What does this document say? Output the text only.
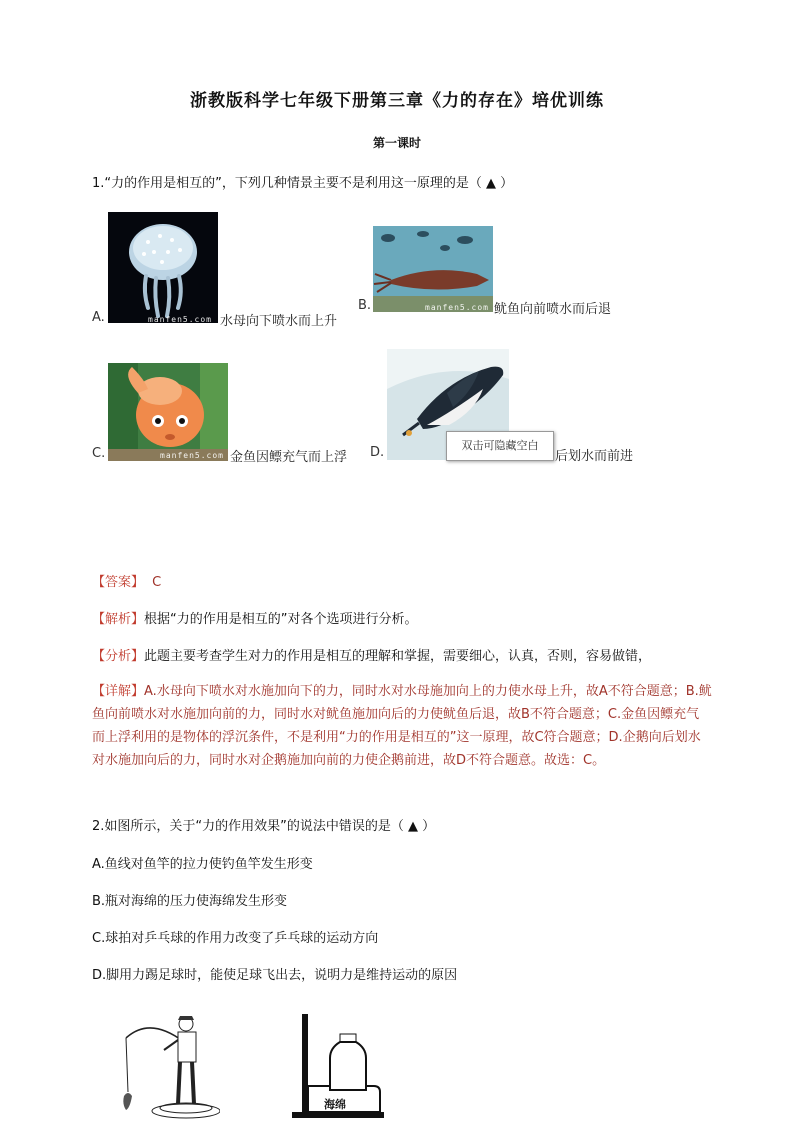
浙教版科学七年级下册第三章《力的存在》培优训练
第一课时
1.“力的作用是相互的”，下列几种情景主要不是利用这一原理的是（ ▲ ）
manfen5.com
A.	水母向下喷水而上升
B.	manfen5.com 鱿鱼向前喷水而后退
C.	manfen5.com 金鱼因鳔充气而上浮 D.	双击可隐藏空白
后划水而前进
【答案】 C
【解析】根据“力的作用是相互的”对各个选项进行分析。
【分析】此题主要考查学生对力的作用是相互的理解和掌握，需要细心，认真，否则，容易做错，
【详解】A.水母向下喷水对水施加向下的力，同时水对水母施加向上的力使水母上升，故A不符合题意；B.鱿鱼向前喷水对水施加向前的力，同时水对鱿鱼施加向后的力使鱿鱼后退，故B不符合题意；C.金鱼因鳔充气而上浮利用的是物体的浮沉条件，不是利用“力的作用是相互的”这一原理，故C符合题意；D.企鹅向后划水对水施加向后的力，同时水对企鹅施加向前的力使企鹅前进，故D不符合题意。故选：C。
2.如图所示，关于“力的作用效果”的说法中错误的是（ ▲ ）
A.鱼线对鱼竿的拉力使钓鱼竿发生形变
B.瓶对海绵的压力使海绵发生形变
C.球拍对乒乓球的作用力改变了乒乓球的运动方向
D.脚用力踢足球时，能使足球飞出去，说明力是维持运动的原因
海绵
